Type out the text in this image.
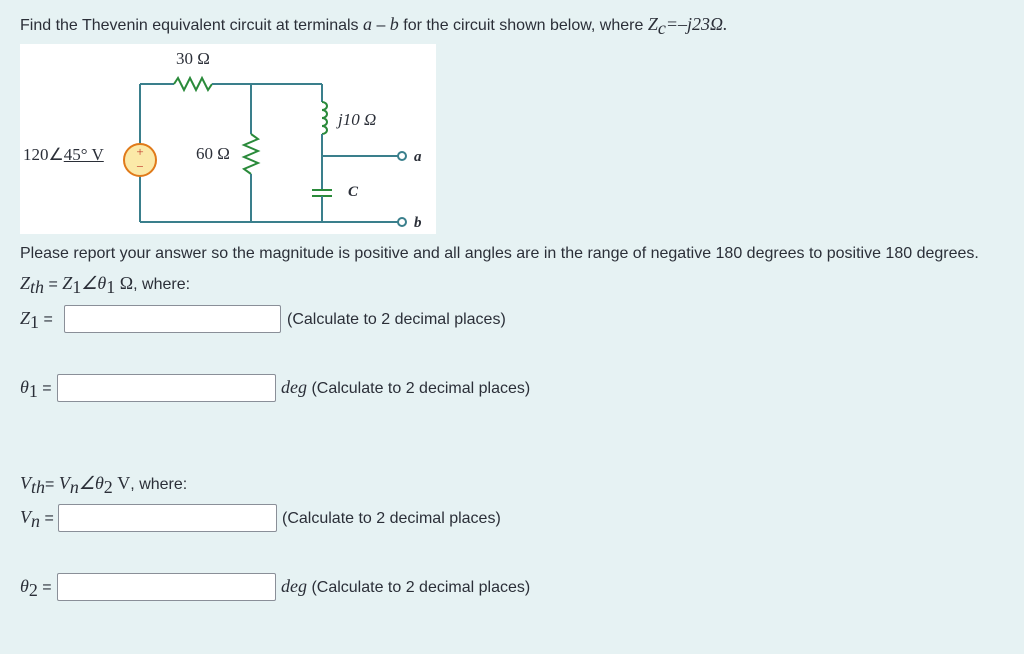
Find the Thevenin equivalent circuit at terminals a – b for the circuit shown below, where $Z_c=-j23\Omega$.
+
−
30 Ω
60 Ω
j10 Ω
C
a
b
120∠45° V
Please report your answer so the magnitude is positive and all angles are in the range of negative 180 degrees to positive 180 degrees.
$Z_{th}$ = $Z_1\angle\theta_1$ Ω, where:
$Z_1$ =	(Calculate to 2 decimal places)
$\theta_1$ =	deg (Calculate to 2 decimal places)
$V_{th}=$ $V_n\angle\theta_2$ V, where:
$V_n$ =	(Calculate to 2 decimal places)
$\theta_2$ =	deg (Calculate to 2 decimal places)
